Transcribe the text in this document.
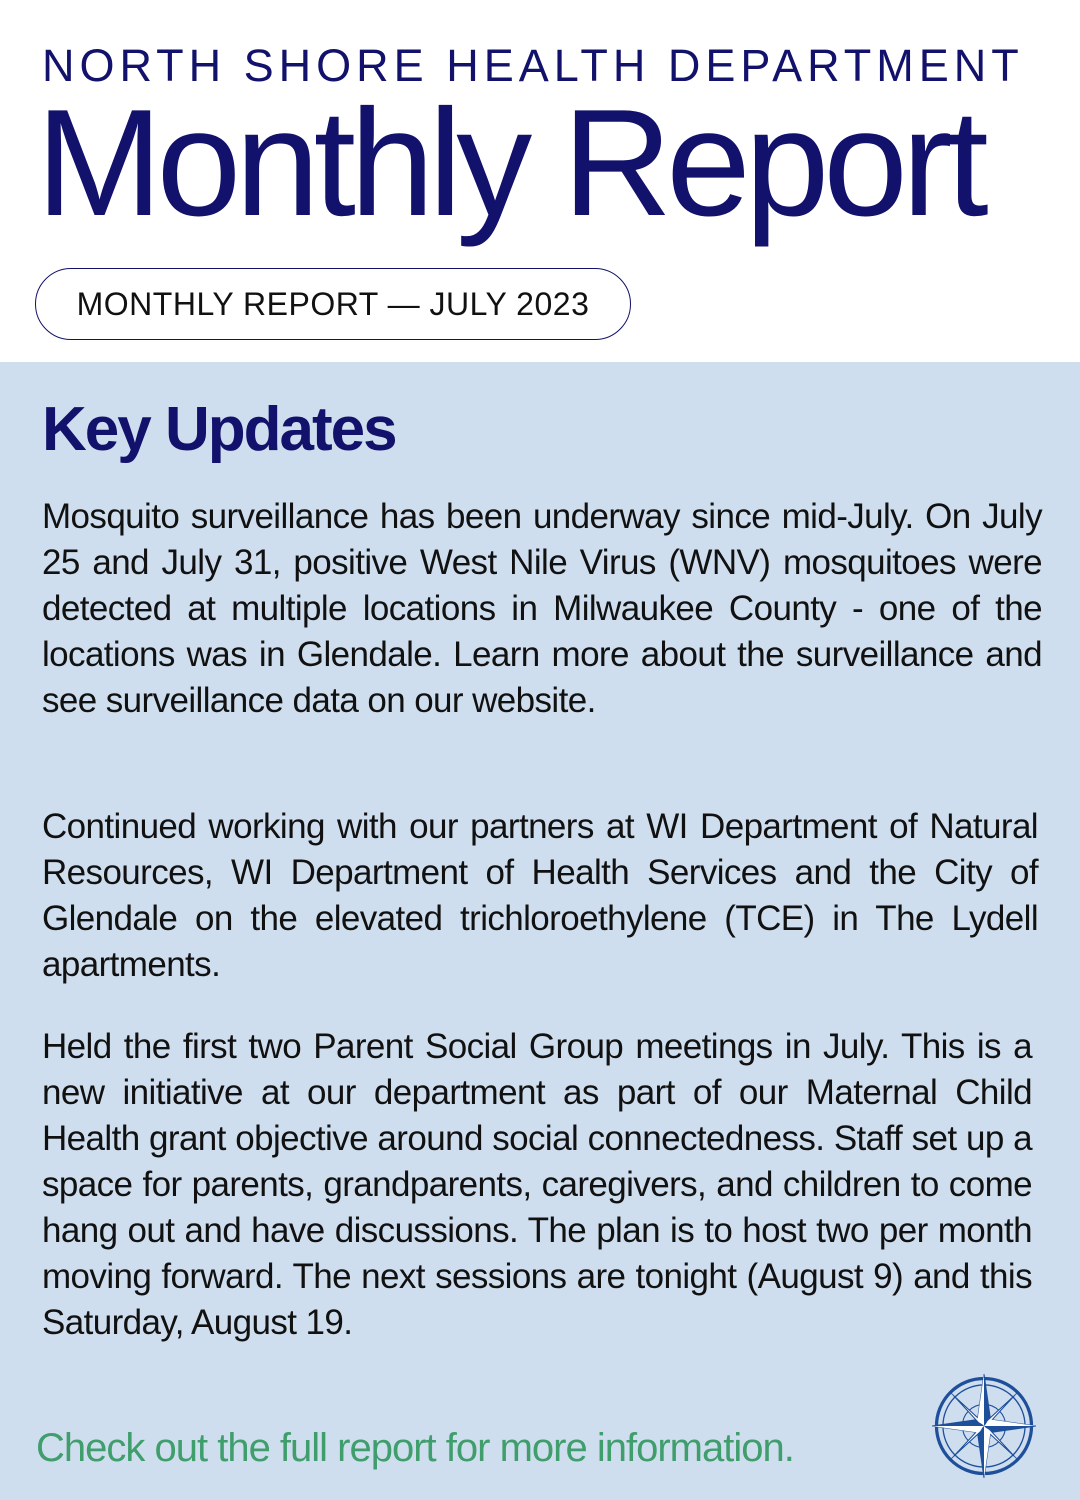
NORTH SHORE HEALTH DEPARTMENT
Monthly Report
MONTHLY REPORT — JULY 2023
Key Updates
Mosquito surveillance has been underway since mid-July. On July 25 and July 31, positive West Nile Virus (WNV) mosquitoes were detected at multiple locations in Milwaukee County - one of the locations was in Glendale. Learn more about the surveillance and see surveillance data on our website.
Continued working with our partners at WI Department of Natural Resources, WI Department of Health Services and the City of Glendale on the elevated trichloroethylene (TCE) in The Lydell apartments.
Held the first two Parent Social Group meetings in July. This is a new initiative at our department as part of our Maternal Child Health grant objective around social connectedness. Staff set up a space for parents, grandparents, caregivers, and children to come hang out and have discussions. The plan is to host two per month moving forward. The next sessions are tonight (August 9) and this Saturday, August 19.
Check out the full report for more information.
